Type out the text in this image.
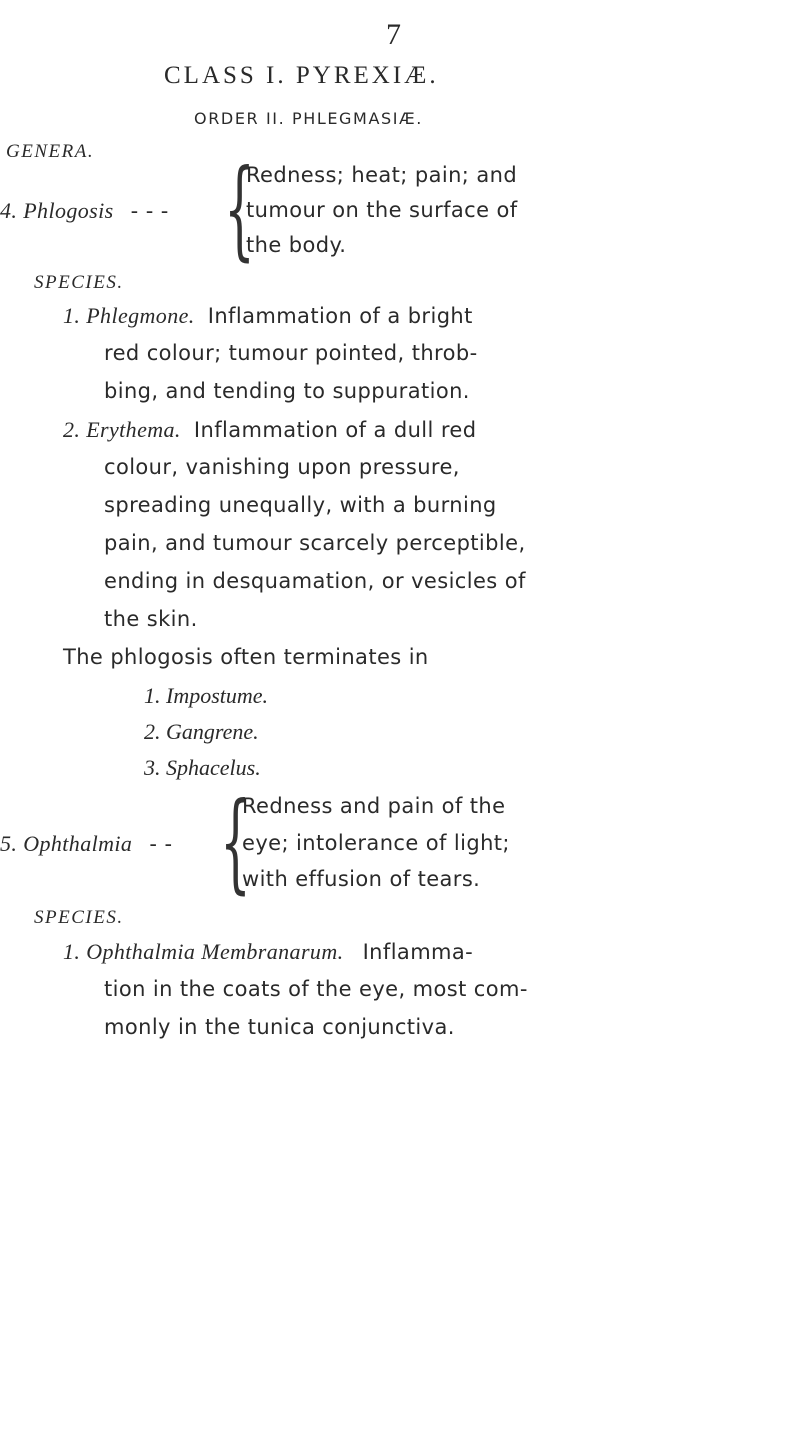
7
CLASS I. PYREXIÆ.
ORDER II. PHLEGMASIÆ.
GENERA.
4. Phlogosis - - - {
Redness; heat; pain; and
tumour on the surface of
the body.
SPECIES.
1. Phlegmone. Inflammation of a bright
red colour; tumour pointed, throb-
bing, and tending to suppuration.
2. Erythema. Inflammation of a dull red
colour, vanishing upon pressure,
spreading unequally, with a burning
pain, and tumour scarcely perceptible,
ending in desquamation, or vesicles of
the skin.
The phlogosis often terminates in
1. Impostume.
2. Gangrene.
3. Sphacelus.
5. Ophthalmia - - {
Redness and pain of the
eye; intolerance of light;
with effusion of tears.
SPECIES.
1. Ophthalmia Membranarum. Inflamma-
tion in the coats of the eye, most com-
monly in the tunica conjunctiva.
